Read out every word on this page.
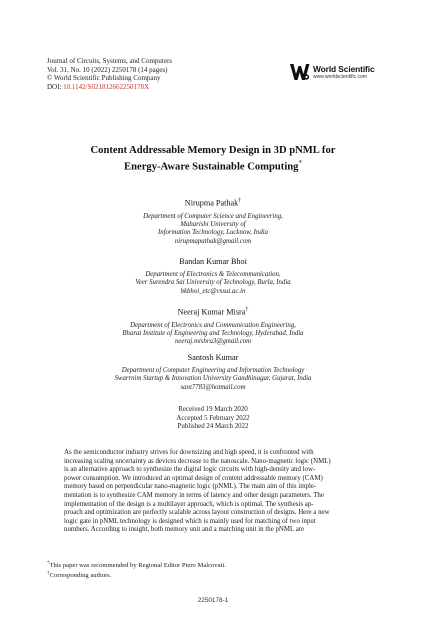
Journal of Circuits, Systems, and Computers
Vol. 31, No. 10 (2022) 2250178 (14 pages)
© World Scientific Publishing Company
DOI: 10.1142/S021812662250178X
World Scientific
www.worldscientific.com
Content Addressable Memory Design in 3D pNML for
Energy-Aware Sustainable Computing*
Nirupma Pathak†
Department of Computer Science and Engineering,
Maharishi University of
Information Technology, Lucknow, India
nirupmapathak@gmail.com
Bandan Kumar Bhoi
Department of Electronics & Telecommunication,
Veer Surendra Sai University of Technology, Burla, India
bkbhoi_etc@vssut.ac.in
Neeraj Kumar Misra†
Department of Electronics and Communication Engineering,
Bharat Institute of Engineering and Technology, Hyderabad, India
neeraj.mishra3@gmail.com
Santosh Kumar
Department of Computer Engineering and Information Technology
Swarrnim Startup & Innovation University Gandhinagar, Gujarat, India
sant7783@hotmail.com
Received 19 March 2020
Accepted 5 February 2022
Published 24 March 2022
As the semiconductor industry strives for downsizing and high speed, it is confronted with
increasing scaling uncertainty as devices decrease to the nanoscale. Nano-magnetic logic (NML)
is an alternative approach to synthesize the digital logic circuits with high-density and low-
power consumption. We introduced an optimal design of content addressable memory (CAM)
memory based on perpendicular nano-magnetic logic (pNML). The main aim of this imple-
mentation is to synthesize CAM memory in terms of latency and other design parameters. The
implementation of the design is a multilayer approach, which is optimal. The synthesis ap-
proach and optimization are perfectly scalable across layout construction of designs. Here a new
logic gate in pNML technology is designed which is mainly used for matching of two input
numbers. According to insight, both memory unit and a matching unit in the pNML are
*This paper was recommended by Regional Editor Piero Malcovati.
†Corresponding authors.
2250178-1
